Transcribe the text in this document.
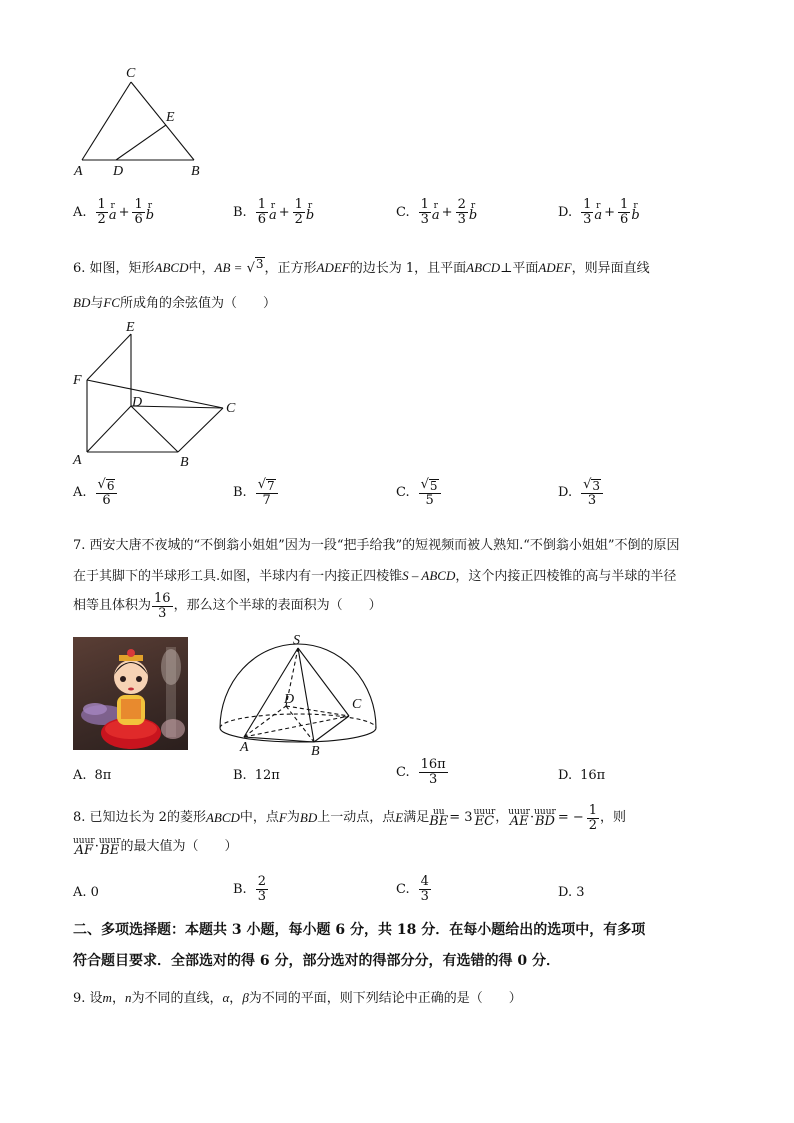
C
E
A D	B
A. $\frac{1}{2}$ r
$a + \frac{1}{6}$ r
b	B. $\frac{1}{6}$ r
$a + \frac{1}{2}$ r
b	C. $\frac{1}{3}$ r
$a + \frac{2}{3}$ r
b	D. $\frac{1}{3}$ r
$a + \frac{1}{6}$ r
b
6. 如图，矩形ABCD中，AB = √ 3 ，正方形ADEF的边长为 1，且平面ABCD⊥平面ADEF，则异面直线
BD与FC所成角的余弦值为（　　）
E
F
D	C
A	B
A. $\frac{√ 6}{6}$	B. $\frac{√ 7}{7}$	C. $\frac{√ 5}{5}$	D. $\frac{√ 3}{3}$
7. 西安大唐不夜城的“不倒翁小姐姐”因为一段“把手给我”的短视频而被人熟知.“不倒翁小姐姐”不倒的原因
在于其脚下的半球形工具.如图，半球内有一内接正四棱锥S – ABCD，这个内接正四棱锥的高与半球的半径
相等且体积为 $\frac{16}{3}$ ，那么这个半球的表面积为（　　）
S
D	C
A	B
A. 8π	B. 12π	C. $\frac{16\pi}{3}$	D. 16π
8. 已知边长为 2的菱形 ABCD 中，点 F 为 BD 上一动点，点 E 满足 uu
BE = 3 uuur
EC ， uuur
AE · uuur
BD = − $\frac{1}{2}$ ，则
uuur
AF · uuur
BE 的最大值为（　　）
A. 0	B. $\frac{2}{3}$	C. $\frac{4}{3}$	D. 3
二、多项选择题：本题共 3 小题，每小题 6 分，共 18 分．在每小题给出的选项中，有多项
符合题目要求．全部选对的得 6 分，部分选对的得部分分，有选错的得 0 分．
9. 设m，n为不同的直线，α，β为不同的平面，则下列结论中正确的是（　　）
